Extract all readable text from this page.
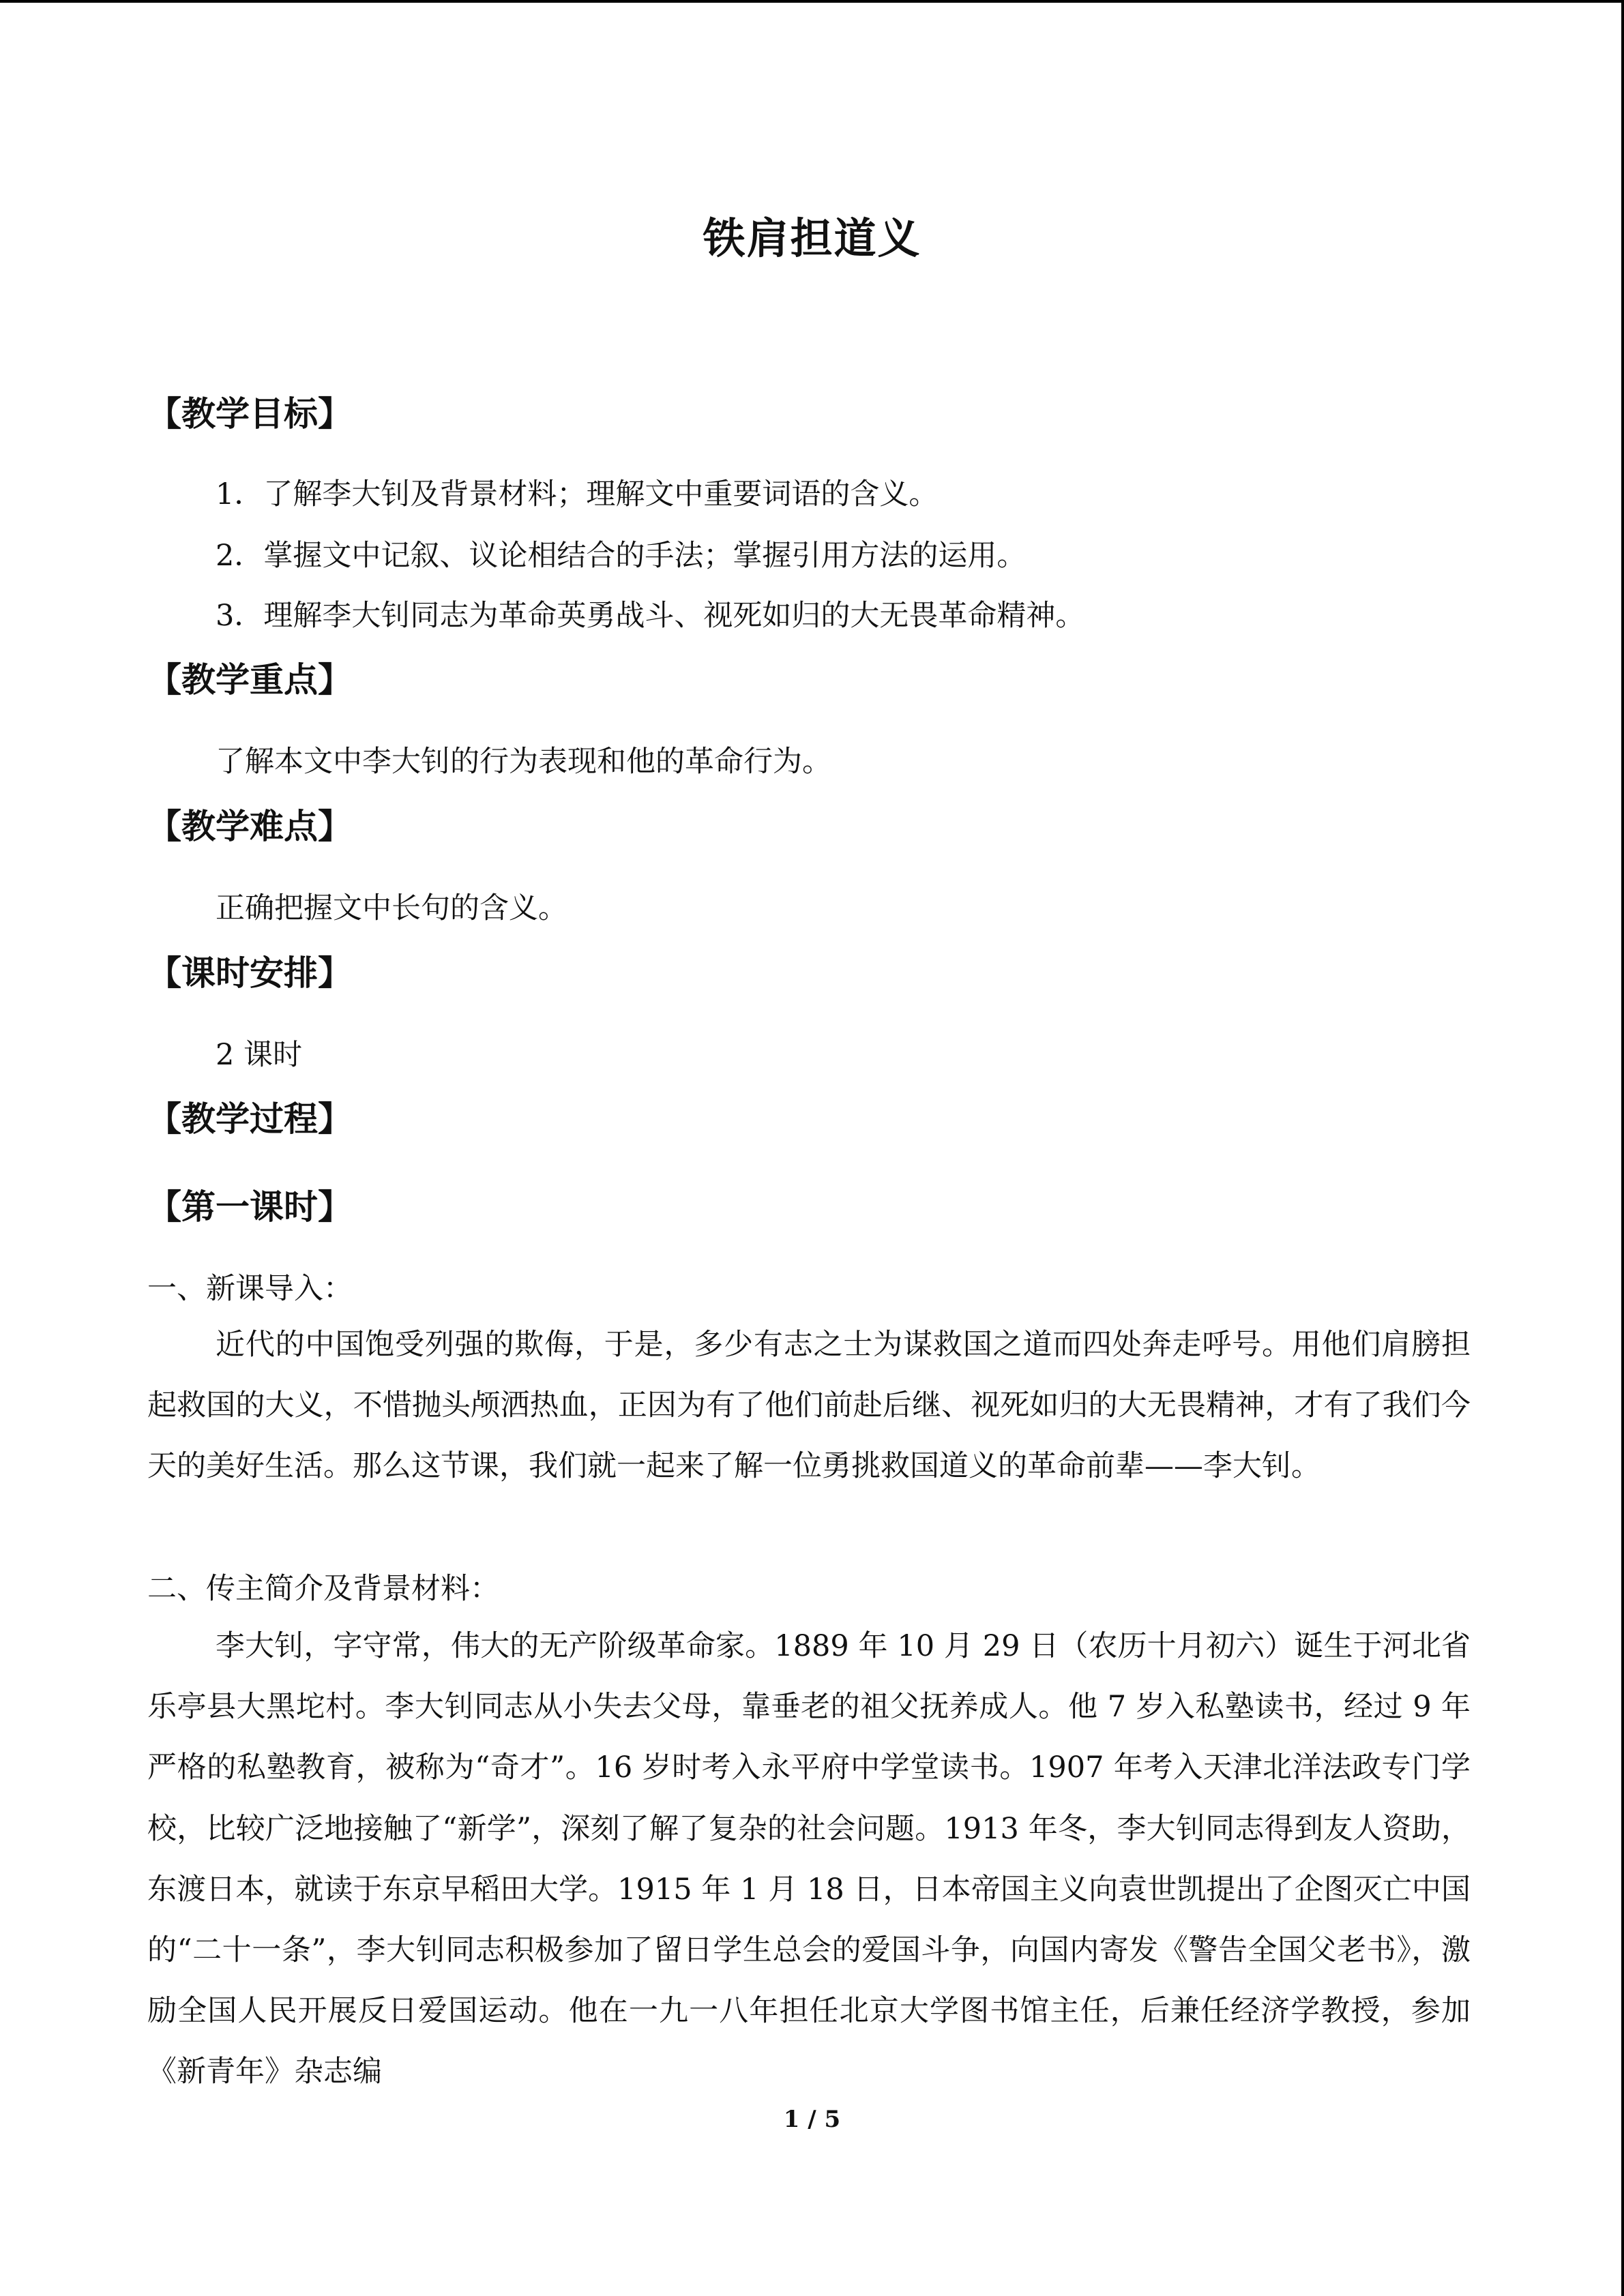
铁肩担道义
【教学目标】
1．了解李大钊及背景材料；理解文中重要词语的含义。
2．掌握文中记叙、议论相结合的手法；掌握引用方法的运用。
3．理解李大钊同志为革命英勇战斗、视死如归的大无畏革命精神。
【教学重点】
了解本文中李大钊的行为表现和他的革命行为。
【教学难点】
正确把握文中长句的含义。
【课时安排】
2 课时
【教学过程】
【第一课时】
一、新课导入：

近代的中国饱受列强的欺侮，于是，多少有志之士为谋救国之道而四处奔走呼号。用他们肩膀担起救国的大义，不惜抛头颅洒热血，正因为有了他们前赴后继、视死如归的大无畏精神，才有了我们今天的美好生活。那么这节课，我们就一起来了解一位勇挑救国道义的革命前辈——李大钊。

二、传主简介及背景材料：

李大钊，字守常，伟大的无产阶级革命家。1889 年 10 月 29 日（农历十月初六）诞生于河北省乐亭县大黑坨村。李大钊同志从小失去父母，靠垂老的祖父抚养成人。他 7 岁入私塾读书，经过 9 年严格的私塾教育，被称为“奇才”。16 岁时考入永平府中学堂读书。1907 年考入天津北洋法政专门学校，比较广泛地接触了“新学”，深刻了解了复杂的社会问题。1913 年冬，李大钊同志得到友人资助，东渡日本，就读于东京早稻田大学。1915 年 1 月 18 日，日本帝国主义向袁世凯提出了企图灭亡中国的“二十一条”，李大钊同志积极参加了留日学生总会的爱国斗争，向国内寄发《警告全国父老书》，激励全国人民开展反日爱国运动。他在一九一八年担任北京大学图书馆主任，后兼任经济学教授，参加《新青年》杂志编

1 / 5
